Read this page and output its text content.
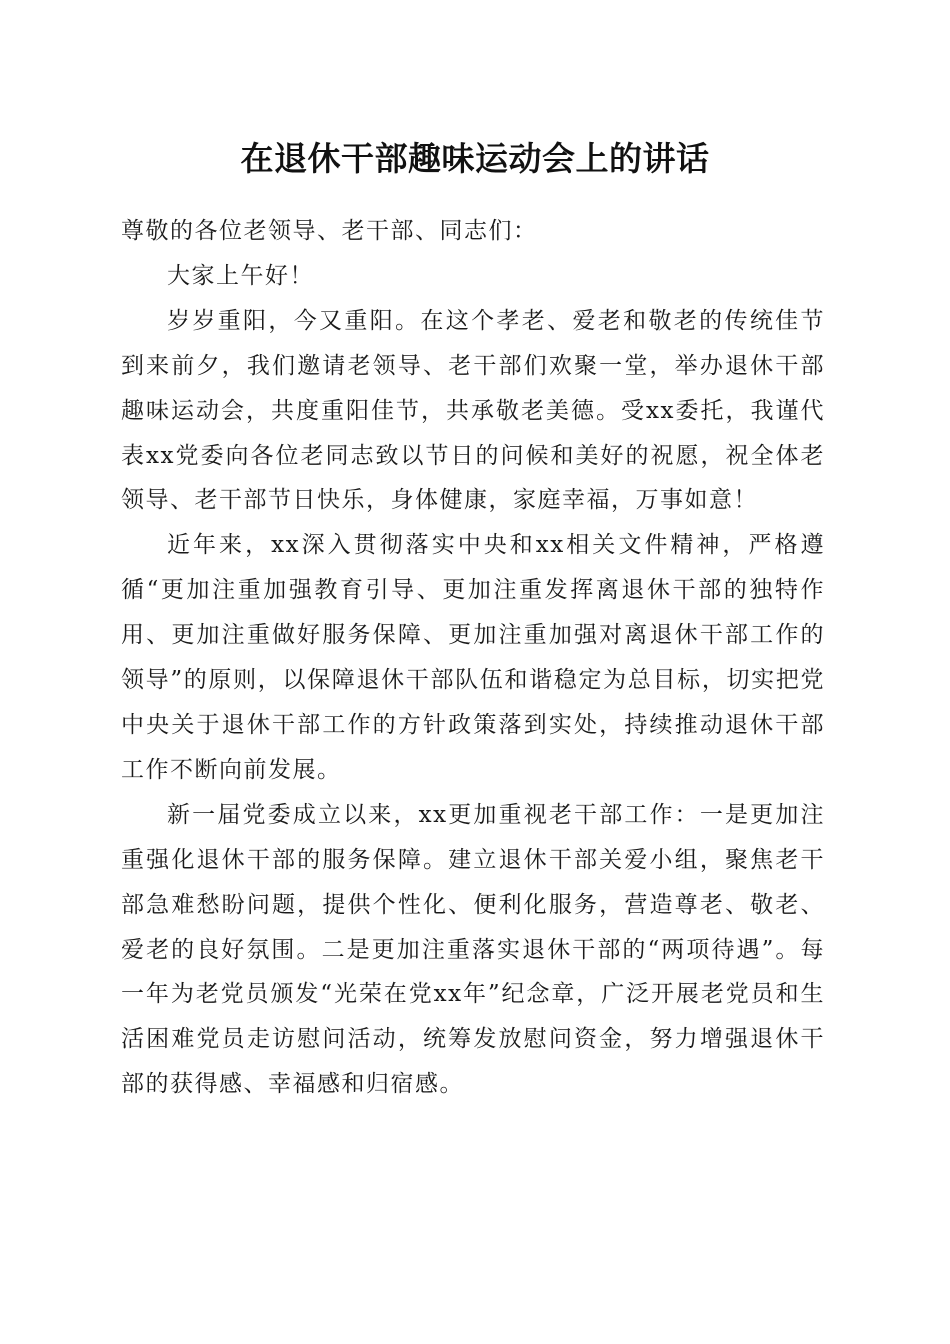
在退休干部趣味运动会上的讲话

尊敬的各位老领导、老干部、同志们：

大家上午好！

岁岁重阳，今又重阳。在这个孝老、爱老和敬老的传统佳节到来前夕，我们邀请老领导、老干部们欢聚一堂，举办退休干部趣味运动会，共度重阳佳节，共承敬老美德。受xx委托，我谨代表xx党委向各位老同志致以节日的问候和美好的祝愿，祝全体老领导、老干部节日快乐，身体健康，家庭幸福，万事如意！

近年来，xx深入贯彻落实中央和xx相关文件精神，严格遵循“更加注重加强教育引导、更加注重发挥离退休干部的独特作用、更加注重做好服务保障、更加注重加强对离退休干部工作的领导”的原则，以保障退休干部队伍和谐稳定为总目标，切实把党中央关于退休干部工作的方针政策落到实处，持续推动退休干部工作不断向前发展。

新一届党委成立以来，xx更加重视老干部工作：一是更加注重强化退休干部的服务保障。建立退休干部关爱小组，聚焦老干部急难愁盼问题，提供个性化、便利化服务，营造尊老、敬老、爱老的良好氛围。二是更加注重落实退休干部的“两项待遇”。每一年为老党员颁发“光荣在党xx年”纪念章，广泛开展老党员和生活困难党员走访慰问活动，统筹发放慰问资金，努力增强退休干部的获得感、幸福感和归宿感。
